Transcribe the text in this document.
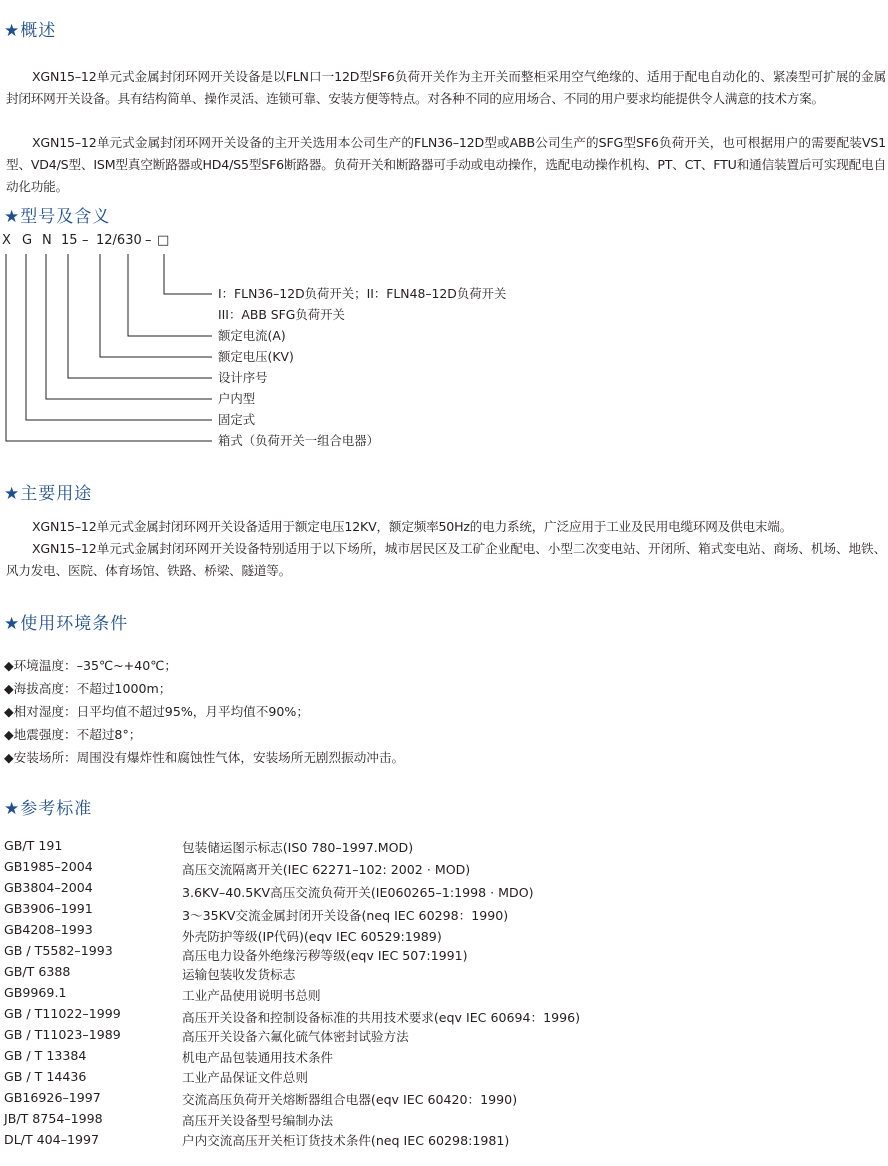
★概述

XGN15–12单元式金属封闭环网开关设备是以FLN口一12D型SF6负荷开关作为主开关而整柜采用空气绝缘的、适用于配电自动化的、紧凑型可扩展的金属封闭环网开关设备。具有结构简单、操作灵活、连锁可靠、安装方便等特点。对各种不同的应用场合、不同的用户要求均能提供令人满意的技术方案。

XGN15–12单元式金属封闭环网开关设备的主开关选用本公司生产的FLN36–12D型或ABB公司生产的SFG型SF6负荷开关，也可根据用户的需要配装VS1型、VD4/S型、ISM型真空断路器或HD4/S5型SF6断路器。负荷开关和断路器可手动或电动操作，选配电动操作机构、PT、CT、FTU和通信装置后可实现配电自动化功能。

★型号及含义
X G N 15 – 12/630 – □
I：FLN36–12D负荷开关；II：FLN48–12D负荷开关
III：ABB SFG负荷开关
额定电流(A)
额定电压(KV)
设计序号
户内型
固定式
箱式（负荷开关一组合电器）
★主要用途

XGN15–12单元式金属封闭环网开关设备适用于额定电压12KV，额定频率50Hz的电力系统，广泛应用于工业及民用电缆环网及供电末端。

XGN15–12单元式金属封闭环网开关设备特别适用于以下场所，城市居民区及工矿企业配电、小型二次变电站、开闭所、箱式变电站、商场、机场、地铁、风力发电、医院、体育场馆、铁路、桥梁、隧道等。

★使用环境条件
◆环境温度：–35℃~+40℃；
◆海拔高度：不超过1000m；
◆相对湿度：日平均值不超过95%，月平均值不90%；
◆地震强度：不超过8°；
◆安装场所：周围没有爆炸性和腐蚀性气体，安装场所无剧烈振动冲击。
★参考标准
GB/T 191	包装储运图示标志(IS0 780–1997.MOD)
GB1985–2004	高压交流隔离开关(IEC 62271–102: 2002 · MOD)
GB3804–2004	3.6KV–40.5KV高压交流负荷开关(IE060265–1:1998 · MDO)
GB3906–1991	3～35KV交流金属封闭开关设备(neq IEC 60298：1990)
GB4208–1993	外壳防护等级(IP代码)(eqv IEC 60529:1989)
GB / T5582–1993	高压电力设备外绝缘污秽等级(eqv IEC 507:1991)
GB/T 6388	运输包装收发货标志
GB9969.1	工业产品使用说明书总则
GB / T11022–1999	高压开关设备和控制设备标准的共用技术要求(eqv IEC 60694：1996)
GB / T11023–1989	高压开关设备六氟化硫气体密封试验方法
GB / T 13384	机电产品包装通用技术条件
GB / T 14436	工业产品保证文件总则
GB16926–1997	交流高压负荷开关熔断器组合电器(eqv IEC 60420：1990)
JB/T 8754–1998	高压开关设备型号编制办法
DL/T 404–1997	户内交流高压开关柜订货技术条件(neq IEC 60298:1981)
